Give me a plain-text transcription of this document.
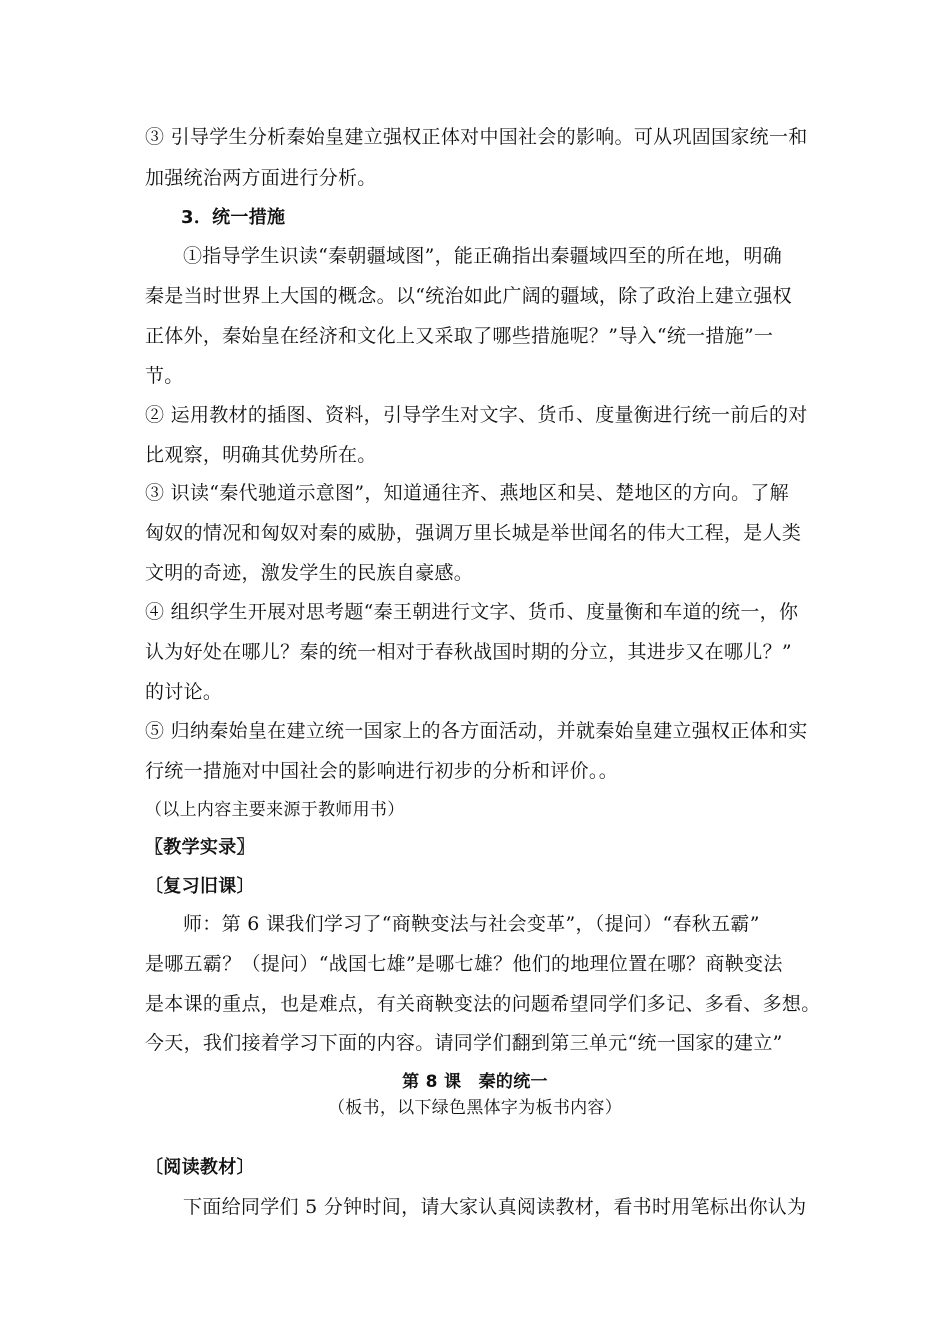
③ 引导学生分析秦始皇建立强权正体对中国社会的影响。可从巩固国家统一和
加强统治两方面进行分析。
3．统一措施
①指导学生识读“秦朝疆域图”，能正确指出秦疆域四至的所在地，明确
秦是当时世界上大国的概念。以“统治如此广阔的疆域，除了政治上建立强权
正体外，秦始皇在经济和文化上又采取了哪些措施呢？”导入“统一措施”一
节。
② 运用教材的插图、资料，引导学生对文字、货币、度量衡进行统一前后的对
比观察，明确其优势所在。
③ 识读“秦代驰道示意图”，知道通往齐、燕地区和吴、楚地区的方向。了解
匈奴的情况和匈奴对秦的威胁，强调万里长城是举世闻名的伟大工程，是人类
文明的奇迹，激发学生的民族自豪感。
④ 组织学生开展对思考题“秦王朝进行文字、货币、度量衡和车道的统一，你
认为好处在哪儿？秦的统一相对于春秋战国时期的分立，其进步又在哪儿？”
的讨论。
⑤ 归纳秦始皇在建立统一国家上的各方面活动，并就秦始皇建立强权正体和实
行统一措施对中国社会的影响进行初步的分析和评价。。
（以上内容主要来源于教师用书）
〖教学实录〗
〔复习旧课〕
师：第 6 课我们学习了“商鞅变法与社会变革”，（提问）“春秋五霸”
是哪五霸？（提问）“战国七雄”是哪七雄？他们的地理位置在哪？商鞅变法
是本课的重点，也是难点，有关商鞅变法的问题希望同学们多记、多看、多想。
今天，我们接着学习下面的内容。请同学们翻到第三单元“统一国家的建立”
第 8 课　秦的统一
（板书，以下绿色黑体字为板书内容）
〔阅读教材〕
下面给同学们 5 分钟时间，请大家认真阅读教材，看书时用笔标出你认为
